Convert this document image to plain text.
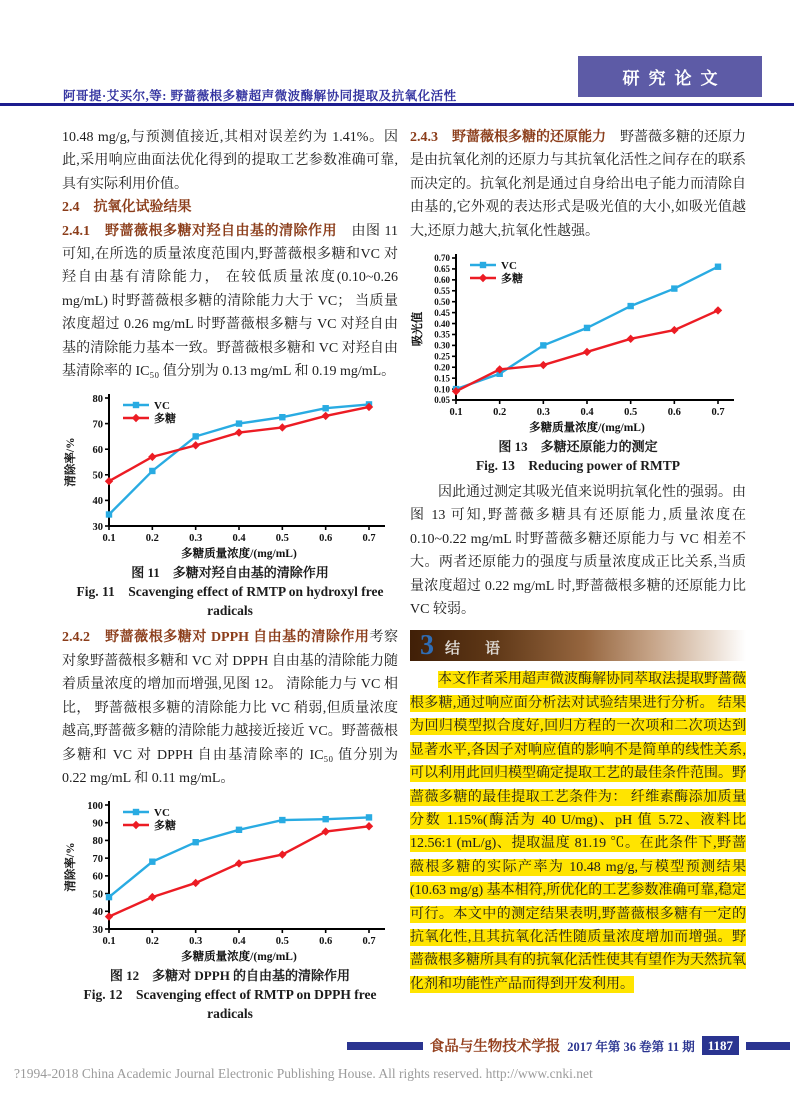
阿哥提·艾买尔,等: 野蔷薇根多糖超声微波酶解协同提取及抗氧化活性
研究论文

10.48 mg/g,与预测值接近,其相对误差约为 1.41%。因此,采用响应曲面法优化得到的提取工艺参数准确可靠,具有实际利用价值。

2.4　抗氧化试验结果

2.4.1　野蔷薇根多糖对羟自由基的清除作用　由图 11 可知,在所选的质量浓度范围内,野蔷薇根多糖和VC 对羟自由基有清除能力， 在较低质量浓度(0.10~0.26 mg/mL) 时野蔷薇根多糖的清除能力大于 VC； 当质量浓度超过 0.26 mg/mL 时野蔷薇根多糖与 VC 对羟自由基的清除能力基本一致。野蔷薇根多糖和 VC 对羟自由基清除率的 IC₅₀ 值分别为 0.13 mg/mL 和 0.19 mg/mL。

30
40
50
60
70
80
0.1	0.2	0.3	0.4	0.5	0.6	0.7
VC
多糖
多糖质量浓度/(mg/mL)
清除率/%

图 11　多糖对羟自由基的清除作用

Fig. 11　Scavenging effect of RMTP on hydroxyl free radicals

2.4.2　野蔷薇根多糖对 DPPH 自由基的清除作用考察对象野蔷薇根多糖和 VC 对 DPPH 自由基的清除能力随着质量浓度的增加而增强,见图 12。 清除能力与 VC 相比， 野蔷薇根多糖的清除能力比 VC 稍弱,但质量浓度越高,野蔷薇多糖的清除能力越接近接近 VC。野蔷薇根多糖和 VC 对 DPPH 自由基清除率的 IC₅₀ 值分别为 0.22 mg/mL 和 0.11 mg/mL。

30
40
50
60
70
80
90
100
0.1	0.2	0.3	0.4	0.5	0.6	0.7
VC
多糖
多糖质量浓度/(mg/mL)
清除率/%

图 12　多糖对 DPPH 的自由基的清除作用

Fig. 12　Scavenging effect of RMTP on DPPH free radicals

2.4.3　野蔷薇根多糖的还原能力　野蔷薇多糖的还原力是由抗氧化剂的还原力与其抗氧化活性之间存在的联系而决定的。抗氧化剂是通过自身给出电子能力而清除自由基的,它外观的表达形式是吸光值的大小,如吸光值越大,还原力越大,抗氧化性越强。

0.05
0.10
0.15
0.20
0.25
0.30
0.35
0.40
0.45
0.50
0.55
0.60
0.65
0.70
0.1	0.2	0.3	0.4	0.5	0.6	0.7
VC
多糖
多糖质量浓度/(mg/mL)
吸光值

图 13　多糖还原能力的测定

Fig. 13　Reducing power of RMTP

因此通过测定其吸光值来说明抗氧化性的强弱。由图 13 可知,野蔷薇多糖具有还原能力,质量浓度在 0.10~0.22 mg/mL 时野蔷薇多糖还原能力与 VC 相差不大。两者还原能力的强度与质量浓度成正比关系,当质量浓度超过 0.22 mg/mL 时,野蔷薇根多糖的还原能力比 VC 较弱。

3 结　语

本文作者采用超声微波酶解协同萃取法提取野蔷薇根多糖,通过响应面分析法对试验结果进行分析。 结果为回归模型拟合度好,回归方程的一次项和二次项达到显著水平,各因子对响应值的影响不是简单的线性关系,可以利用此回归模型确定提取工艺的最佳条件范围。野蔷薇多糖的最佳提取工艺条件为： 纤维素酶添加质量分数 1.15%(酶活为 40 U/mg)、pH 值 5.72、液料比 12.56:1 (mL/g)、提取温度 81.19 ℃。在此条件下,野蔷薇根多糖的实际产率为 10.48 mg/g,与模型预测结果(10.63 mg/g) 基本相符,所优化的工艺参数准确可靠,稳定可行。本文中的测定结果表明,野蔷薇根多糖有一定的抗氧化性,且其抗氧化活性随质量浓度增加而增强。野蔷薇根多糖所具有的抗氧化活性使其有望作为天然抗氧化剂和功能性产品而得到开发利用。

食品与生物技术学报 2017 年第 36 卷第 11 期	1187
?1994-2018 China Academic Journal Electronic Publishing House. All rights reserved. http://www.cnki.net
